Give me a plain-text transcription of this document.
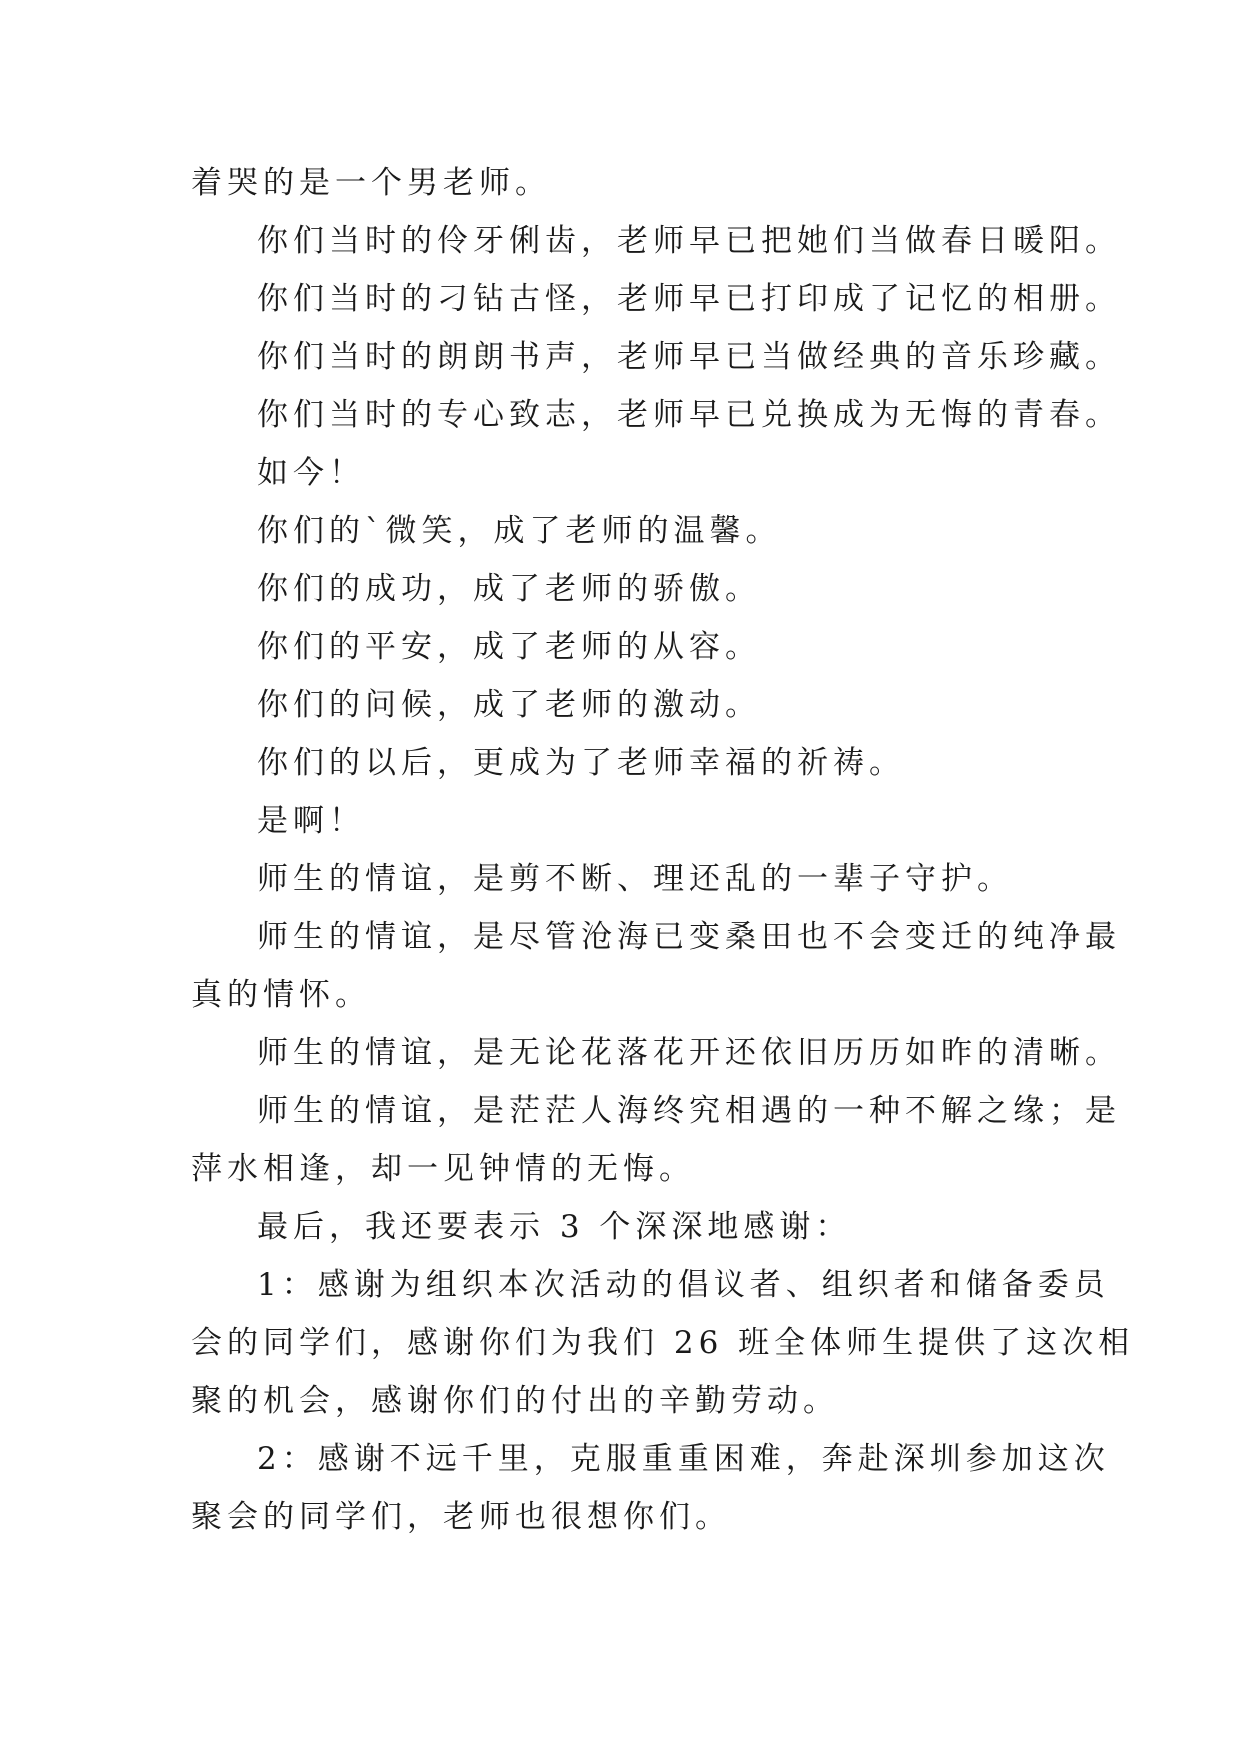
着哭的是一个男老师。

你们当时的伶牙俐齿，老师早已把她们当做春日暖阳。

你们当时的刁钻古怪，老师早已打印成了记忆的相册。

你们当时的朗朗书声，老师早已当做经典的音乐珍藏。

你们当时的专心致志，老师早已兑换成为无悔的青春。

如今！

你们的`微笑，成了老师的温馨。

你们的成功，成了老师的骄傲。

你们的平安，成了老师的从容。

你们的问候，成了老师的激动。

你们的以后，更成为了老师幸福的祈祷。

是啊！

师生的情谊，是剪不断、理还乱的一辈子守护。

师生的情谊，是尽管沧海已变桑田也不会变迁的纯净最

真的情怀。

师生的情谊，是无论花落花开还依旧历历如昨的清晰。

师生的情谊，是茫茫人海终究相遇的一种不解之缘；是

萍水相逢，却一见钟情的无悔。

最后，我还要表示 3 个深深地感谢：

1：感谢为组织本次活动的倡议者、组织者和储备委员

会的同学们，感谢你们为我们 26 班全体师生提供了这次相

聚的机会，感谢你们的付出的辛勤劳动。

2：感谢不远千里，克服重重困难，奔赴深圳参加这次

聚会的同学们，老师也很想你们。
